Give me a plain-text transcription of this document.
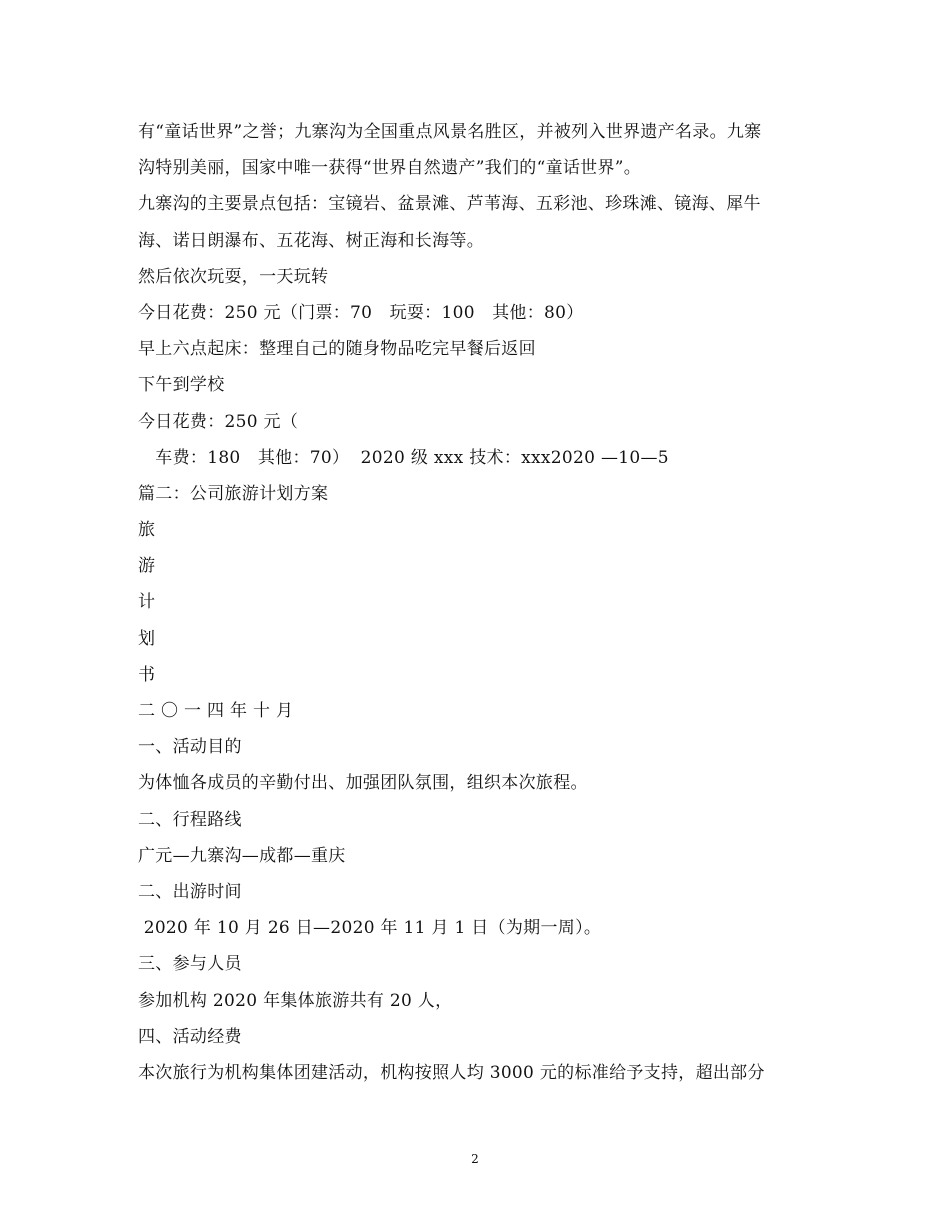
有“童话世界”之誉；九寨沟为全国重点风景名胜区，并被列入世界遗产名录。九寨
沟特别美丽，国家中唯一获得“世界自然遗产”我们的“童话世界”。
九寨沟的主要景点包括：宝镜岩、盆景滩、芦苇海、五彩池、珍珠滩、镜海、犀牛
海、诺日朗瀑布、五花海、树正海和长海等。
然后依次玩耍，一天玩转
今日花费：250 元（门票：70　玩耍：100　其他：80）
早上六点起床：整理自己的随身物品吃完早餐后返回
下午到学校
今日花费：250 元（
　车费：180　其他：70）  2020 级 xxx 技术：xxx2020 —10—5
篇二：公司旅游计划方案
旅
游
计
划
书
二 〇 一 四 年 十 月
一、活动目的
为体恤各成员的辛勤付出、加强团队氛围，组织本次旅程。
二、行程路线
广元—九寨沟—成都—重庆
二、出游时间
2020 年 10 月 26 日—2020 年 11 月 1 日（为期一周）。
三、参与人员
参加机构 2020 年集体旅游共有 20 人，
四、活动经费
本次旅行为机构集体团建活动，机构按照人均 3000 元的标准给予支持，超出部分
2
